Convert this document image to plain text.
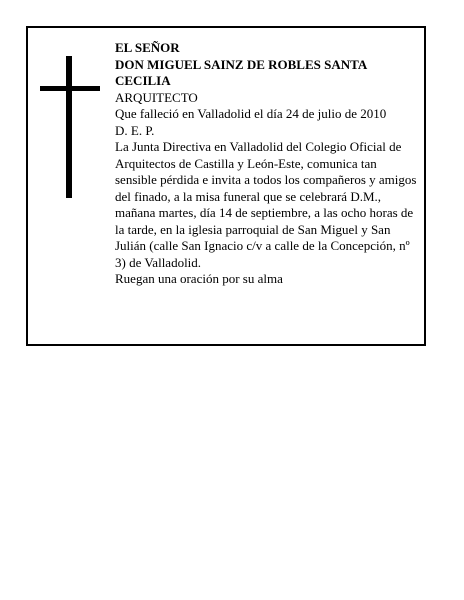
EL SEÑOR

DON MIGUEL SAINZ DE ROBLES SANTA CECILIA

ARQUITECTO

Que falleció en Valladolid el día 24 de julio de 2010

D. E. P.

La Junta Directiva en Valladolid del Colegio Oficial de Arquitectos de Castilla y León-Este, comunica tan sensible pérdida e invita a todos los compañeros y amigos del finado, a la misa funeral que se celebrará D.M., mañana martes, día 14 de septiembre, a las ocho horas de la tarde, en la iglesia parroquial de San Miguel y San Julián (calle San Ignacio c/v a calle de la Concepción, nº 3) de Valladolid.

Ruegan una oración por su alma
